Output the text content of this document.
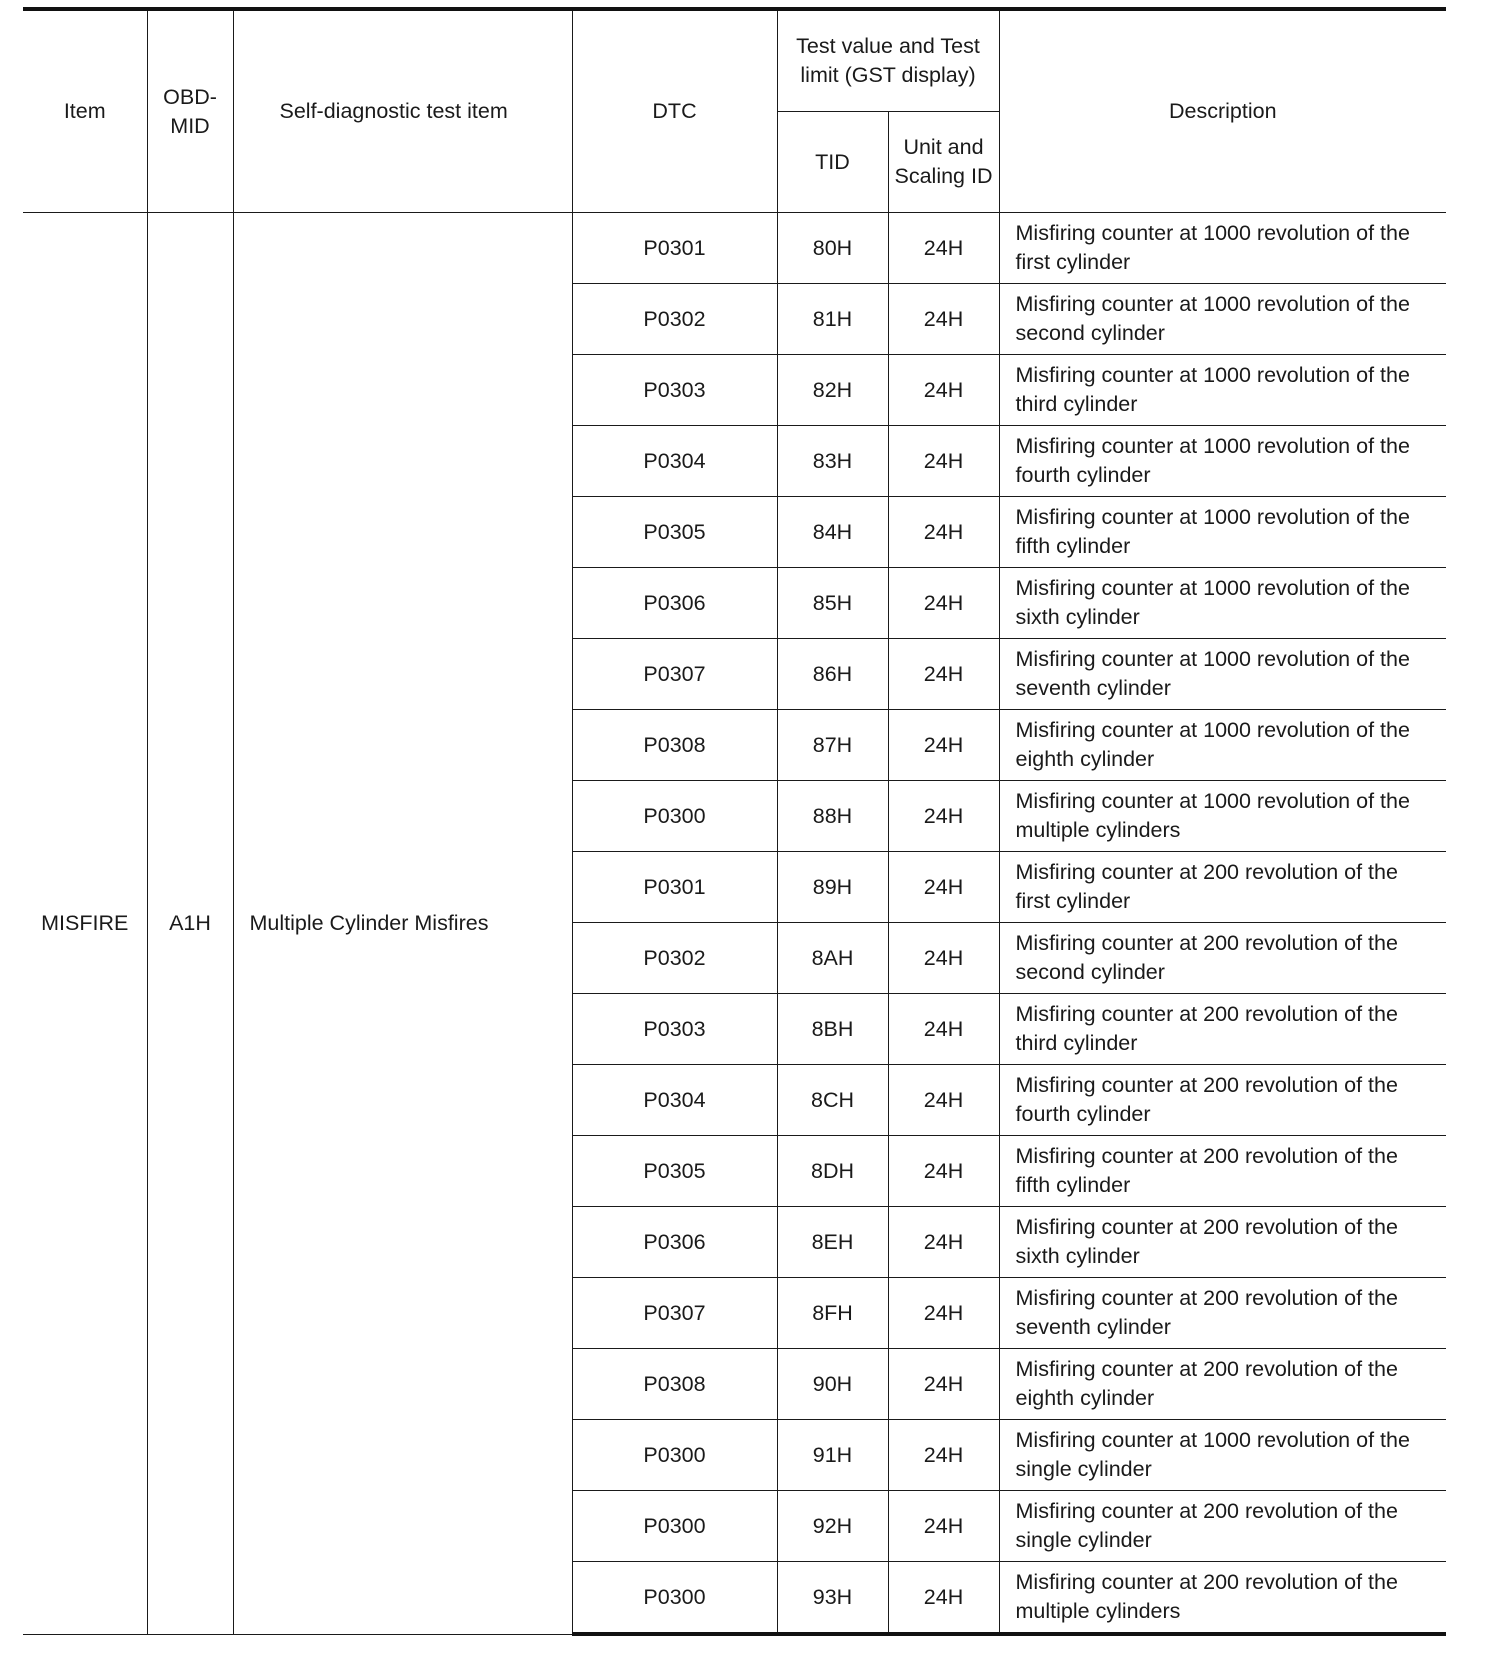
Item	OBD-MID	Self-diagnostic test item	DTC	Test value and Test limit (GST display)		Description
				TID	Unit and Scaling ID	
MISFIRE	A1H	Multiple Cylinder Misfires	P0301	80H	24H	Misfiring counter at 1000 revolution of the first cylinder
			P0302	81H	24H	Misfiring counter at 1000 revolution of the second cylinder
			P0303	82H	24H	Misfiring counter at 1000 revolution of the third cylinder
			P0304	83H	24H	Misfiring counter at 1000 revolution of the fourth cylinder
			P0305	84H	24H	Misfiring counter at 1000 revolution of the fifth cylinder
			P0306	85H	24H	Misfiring counter at 1000 revolution of the sixth cylinder
			P0307	86H	24H	Misfiring counter at 1000 revolution of the seventh cylinder
			P0308	87H	24H	Misfiring counter at 1000 revolution of the eighth cylinder
			P0300	88H	24H	Misfiring counter at 1000 revolution of the multiple cylinders
			P0301	89H	24H	Misfiring counter at 200 revolution of the first cylinder
			P0302	8AH	24H	Misfiring counter at 200 revolution of the second cylinder
			P0303	8BH	24H	Misfiring counter at 200 revolution of the third cylinder
			P0304	8CH	24H	Misfiring counter at 200 revolution of the fourth cylinder
			P0305	8DH	24H	Misfiring counter at 200 revolution of the fifth cylinder
			P0306	8EH	24H	Misfiring counter at 200 revolution of the sixth cylinder
			P0307	8FH	24H	Misfiring counter at 200 revolution of the seventh cylinder
			P0308	90H	24H	Misfiring counter at 200 revolution of the eighth cylinder
			P0300	91H	24H	Misfiring counter at 1000 revolution of the single cylinder
			P0300	92H	24H	Misfiring counter at 200 revolution of the single cylinder
			P0300	93H	24H	Misfiring counter at 200 revolution of the multiple cylinders
